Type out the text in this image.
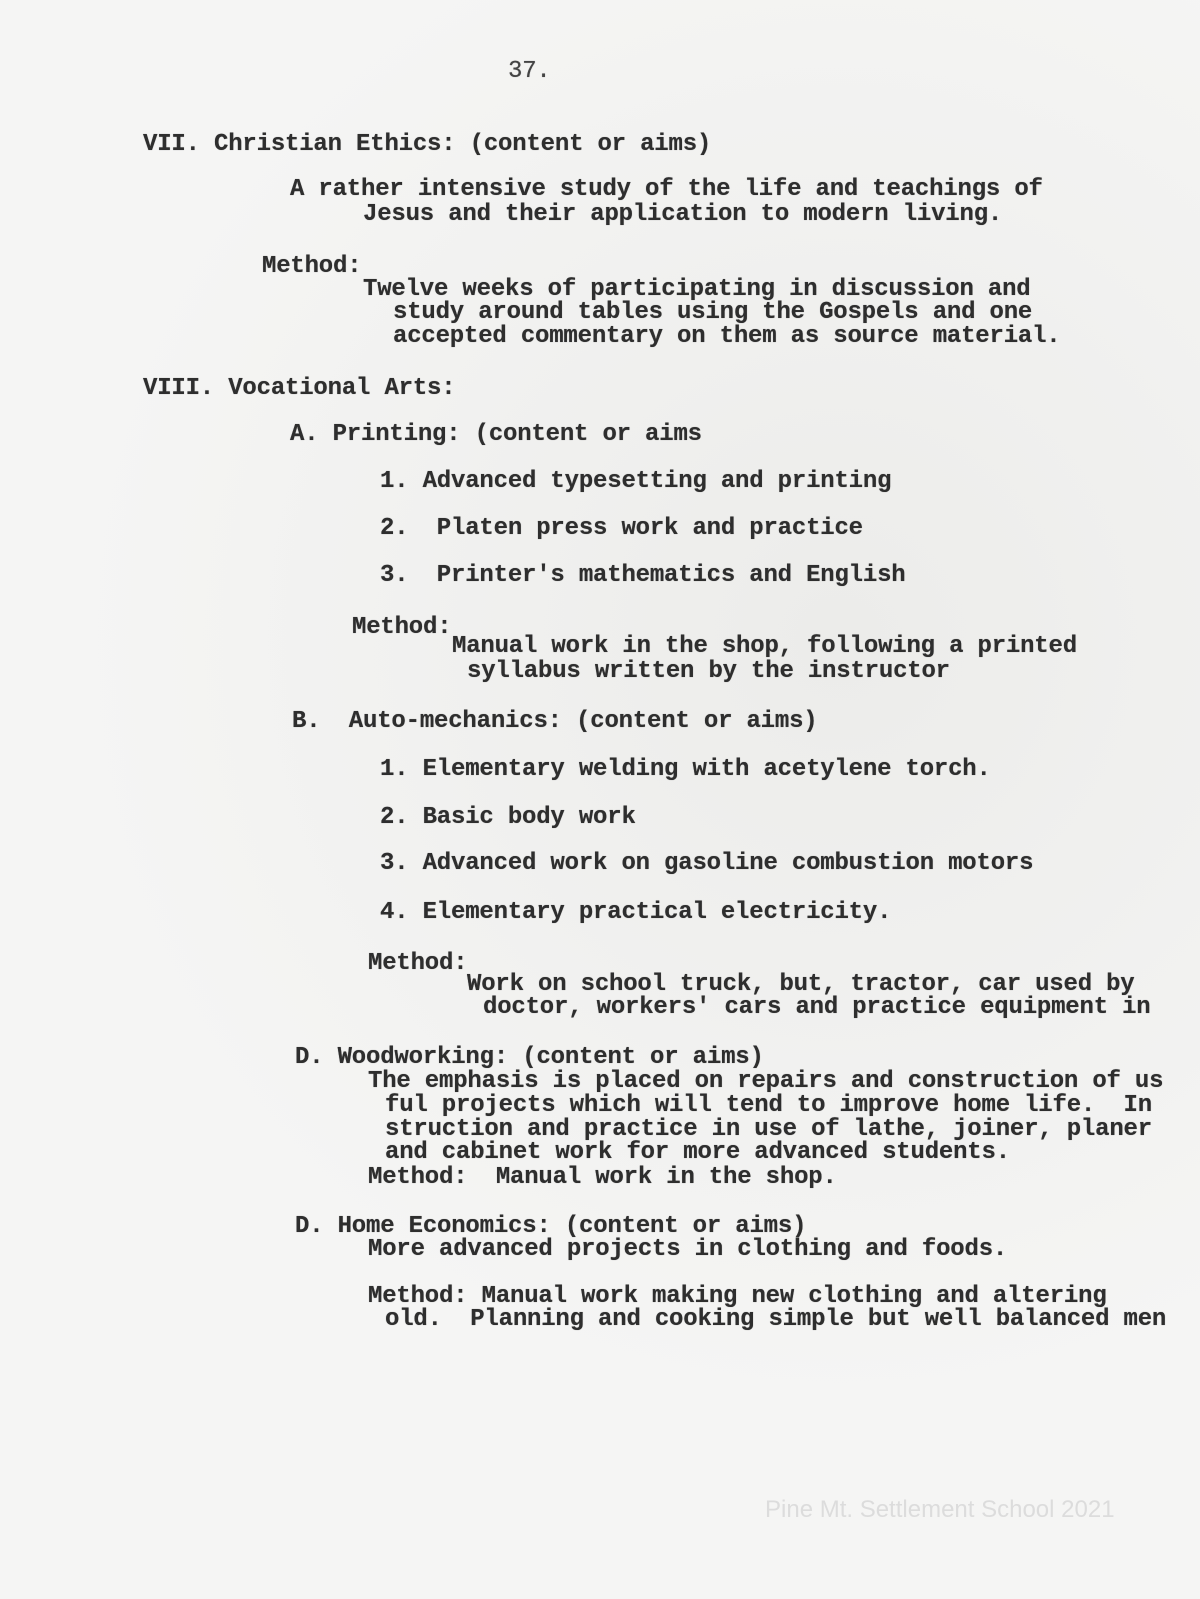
37.
VII. Christian Ethics: (content or aims)
A rather intensive study of the life and teachings of
Jesus and their application to modern living.
Method:
Twelve weeks of participating in discussion and
study around tables using the Gospels and one
accepted commentary on them as source material.
VIII. Vocational Arts:
A. Printing: (content or aims
1. Advanced typesetting and printing
2.  Platen press work and practice
3.  Printer's mathematics and English
Method:
Manual work in the shop, following a printed
syllabus written by the instructor
B.  Auto-mechanics: (content or aims)
1. Elementary welding with acetylene torch.
2. Basic body work
3. Advanced work on gasoline combustion motors
4. Elementary practical electricity.
Method:
Work on school truck, but, tractor, car used by
doctor, workers' cars and practice equipment in
D. Woodworking: (content or aims)
The emphasis is placed on repairs and construction of us
ful projects which will tend to improve home life.  In
struction and practice in use of lathe, joiner, planer
and cabinet work for more advanced students.
Method:  Manual work in the shop.
D. Home Economics: (content or aims)
More advanced projects in clothing and foods.
Method: Manual work making new clothing and altering
old.  Planning and cooking simple but well balanced men
Pine Mt. Settlement School 2021
